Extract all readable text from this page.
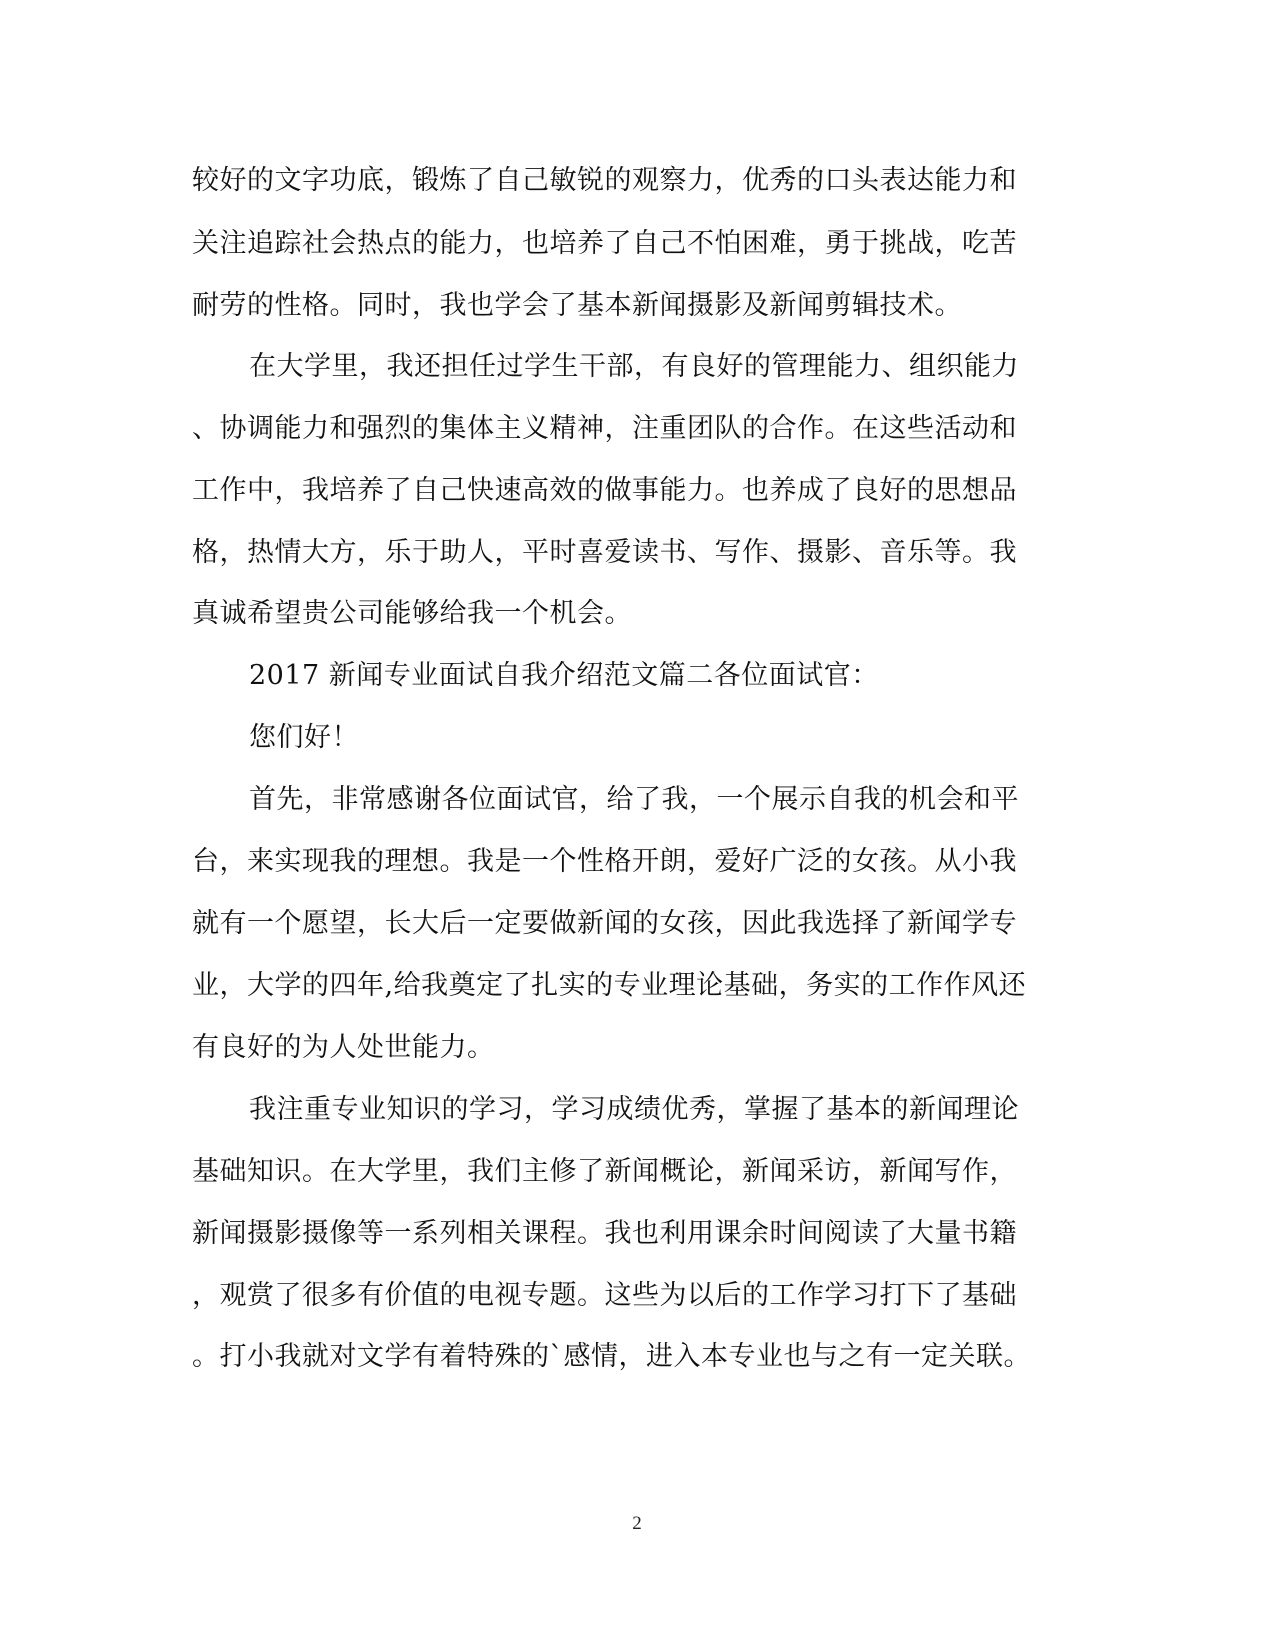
较好的文字功底，锻炼了自己敏锐的观察力，优秀的口头表达能力和
关注追踪社会热点的能力，也培养了自己不怕困难，勇于挑战，吃苦
耐劳的性格。同时，我也学会了基本新闻摄影及新闻剪辑技术。
在大学里，我还担任过学生干部，有良好的管理能力、组织能力
、协调能力和强烈的集体主义精神，注重团队的合作。在这些活动和
工作中，我培养了自己快速高效的做事能力。也养成了良好的思想品
格，热情大方，乐于助人，平时喜爱读书、写作、摄影、音乐等。我
真诚希望贵公司能够给我一个机会。
2017 新闻专业面试自我介绍范文篇二各位面试官：
您们好！
首先，非常感谢各位面试官，给了我，一个展示自我的机会和平
台，来实现我的理想。我是一个性格开朗，爱好广泛的女孩。从小我
就有一个愿望，长大后一定要做新闻的女孩，因此我选择了新闻学专
业，大学的四年,给我奠定了扎实的专业理论基础，务实的工作作风还
有良好的为人处世能力。
我注重专业知识的学习，学习成绩优秀，掌握了基本的新闻理论
基础知识。在大学里，我们主修了新闻概论，新闻采访，新闻写作，
新闻摄影摄像等一系列相关课程。我也利用课余时间阅读了大量书籍
，观赏了很多有价值的电视专题。这些为以后的工作学习打下了基础
。打小我就对文学有着特殊的`感情，进入本专业也与之有一定关联。
2
